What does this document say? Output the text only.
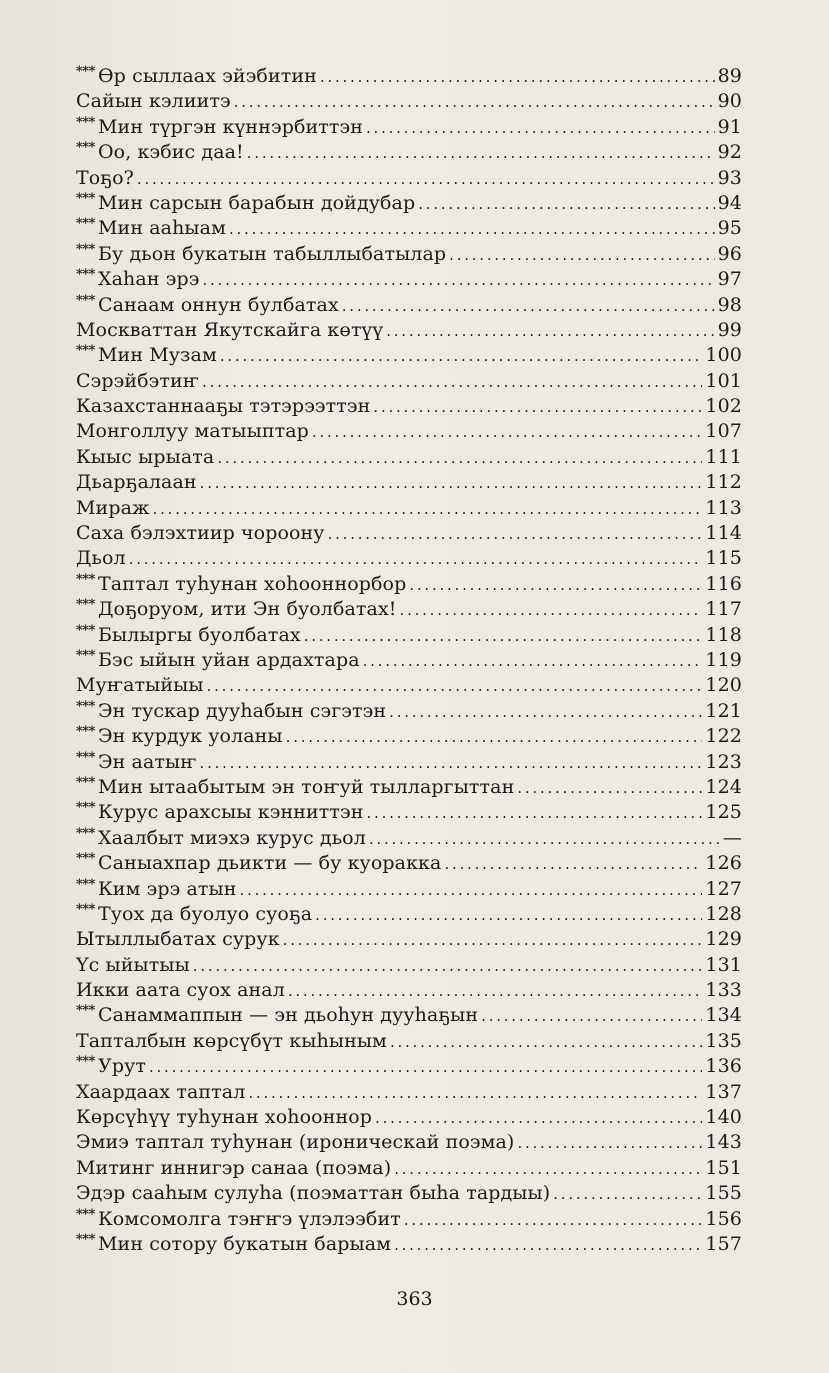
*** Өр сыллаах эйэбитин . . .	89
Сайын кэлиитэ . . .	90
*** Мин түргэн күннэрбиттэн . . .	91
*** Оо, кэбис даа! . . .	92
Тоҕо? . . .	93
*** Мин сарсын барабын дойдубар . . .	94
*** Мин ааһыам . . .	95
*** Бу дьон букатын табыллыбатылар . . .	96
*** Хаһан эрэ . . .	97
*** Санаам оннун булбатах . . .	98
Москваттан Якутскайга көтүү . . .	99
*** Мин Музам . . .	100
Сэрэйбэтиҥ . . .	101
Казахстаннааҕы тэтэрээттэн . . .	102
Монголлуу матыыптар . . .	107
Кыыс ырыата . . .	111
Дьарҕалаан . . .	112
Мираж . . .	113
Саха бэлэхтиир чороону . . .	114
Дьол . . .	115
*** Таптал туһунан хоһооннорбор . . .	116
*** Доҕоруом, ити Эн буолбатах! . . .	117
*** Былыргы буолбатах . . .	118
*** Бэс ыйын уйан ардахтара . . .	119
Муҥатыйыы . . .	120
*** Эн тускар дууһабын сэгэтэн . . .	121
*** Эн курдук уоланы . . .	122
*** Эн аатыҥ . . .	123
*** Мин ытаабытым эн тоҥуй тылларгыттан . . .	124
*** Курус арахсыы кэнниттэн . . .	125
*** Хаалбыт миэхэ курус дьол . . .	—
*** Саныахпар дьикти — бу куоракка . . .	126
*** Ким эрэ атын . . .	127
*** Туох да буолуо суоҕа . . .	128
Ытыллыбатах сурук . . .	129
Үс ыйытыы . . .	131
Икки аата суох анал . . .	133
*** Санаммаппын — эн дьоһун дууһаҕын . . .	134
Тапталбын көрсүбүт кыһыным . . .	135
*** Урут . . .	136
Хаардаах таптал . . .	137
Көрсүһүү туһунан хоһооннор . . .	140
Эмиэ таптал туһунан (ироническай поэма) . . .	143
Митинг иннигэр санаа (поэма) . . .	151
Эдэр сааһым сулуһа (поэматтан быһа тардыы) . . .	155
*** Комсомолга тэҥҥэ үлэлээбит . . .	156
*** Мин сотору букатын барыам . . .	157
363
